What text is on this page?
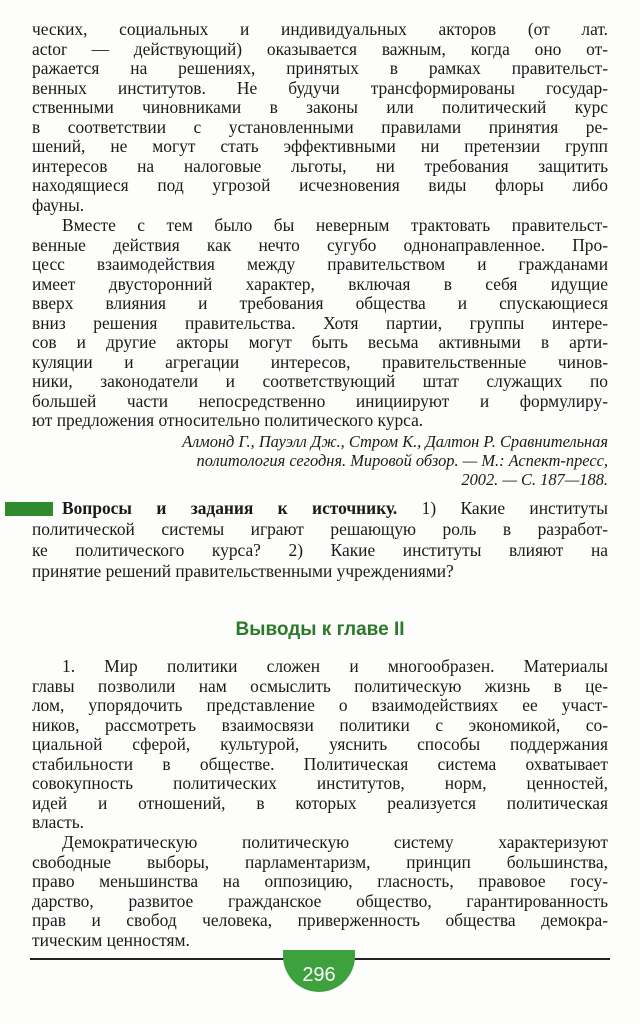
ческих, социальных и индивидуальных акторов (от лат.
actor — действующий) оказывается важным, когда оно от-
ражается на решениях, принятых в рамках правительст-
венных институтов. Не будучи трансформированы государ-
ственными чиновниками в законы или политический курс
в соответствии с установленными правилами принятия ре-
шений, не могут стать эффективными ни претензии групп
интересов на налоговые льготы, ни требования защитить
находящиеся под угрозой исчезновения виды флоры либо
фауны.
Вместе с тем было бы неверным трактовать правительст-
венные действия как нечто сугубо однонаправленное. Про-
цесс взаимодействия между правительством и гражданами
имеет двусторонний характер, включая в себя идущие
вверх влияния и требования общества и спускающиеся
вниз решения правительства. Хотя партии, группы интере-
сов и другие акторы могут быть весьма активными в арти-
куляции и агрегации интересов, правительственные чинов-
ники, законодатели и соответствующий штат служащих по
большей части непосредственно инициируют и формулиру-
ют предложения относительно политического курса.
Алмонд Г., Пауэлл Дж., Стром К., Далтон Р. Сравнительная
политология сегодня. Мировой обзор. — М.: Аспект-пресс,
2002. — С. 187—188.
Вопросы и задания к источнику. 1) Какие институты
политической системы играют решающую роль в разработ-
ке политического курса? 2) Какие институты влияют на
принятие решений правительственными учреждениями?
Выводы к главе II
1. Мир политики сложен и многообразен. Материалы
главы позволили нам осмыслить политическую жизнь в це-
лом, упорядочить представление о взаимодействиях ее участ-
ников, рассмотреть взаимосвязи политики с экономикой, со-
циальной сферой, культурой, уяснить способы поддержания
стабильности в обществе. Политическая система охватывает
совокупность политических институтов, норм, ценностей,
идей и отношений, в которых реализуется политическая
власть.
Демократическую политическую систему характеризуют
свободные выборы, парламентаризм, принцип большинства,
право меньшинства на оппозицию, гласность, правовое госу-
дарство, развитое гражданское общество, гарантированность
прав и свобод человека, приверженность общества демокра-
тическим ценностям.
296
